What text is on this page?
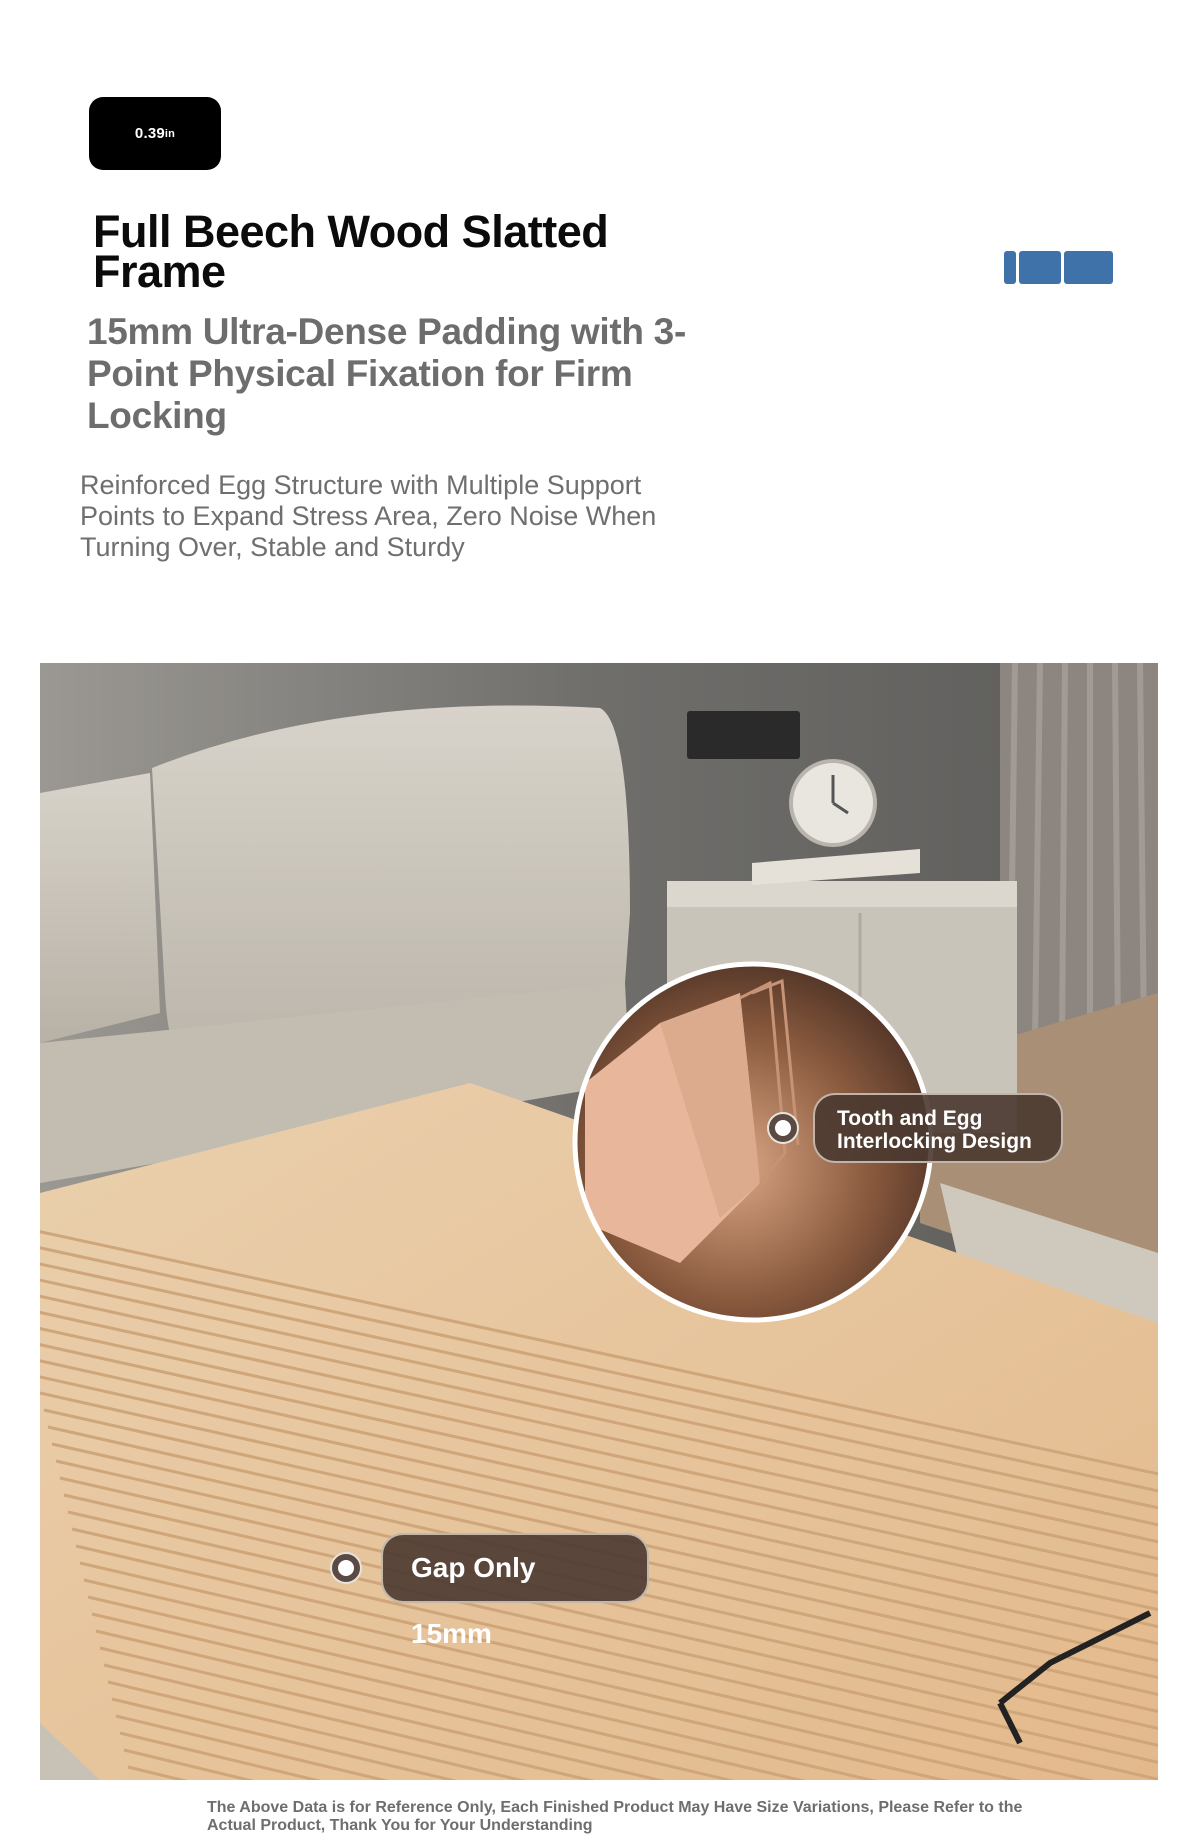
0.39 in
Full Beech Wood Slatted Frame
15mm Ultra-Dense Padding with 3-Point Physical Fixation for Firm Locking
Reinforced Egg Structure with Multiple Support Points to Expand Stress Area, Zero Noise When Turning Over, Stable and Sturdy
Tooth and Egg Interlocking Design
Gap Only 15mm
The Above Data is for Reference Only, Each Finished Product May Have Size Variations, Please Refer to the Actual Product, Thank You for Your Understanding
